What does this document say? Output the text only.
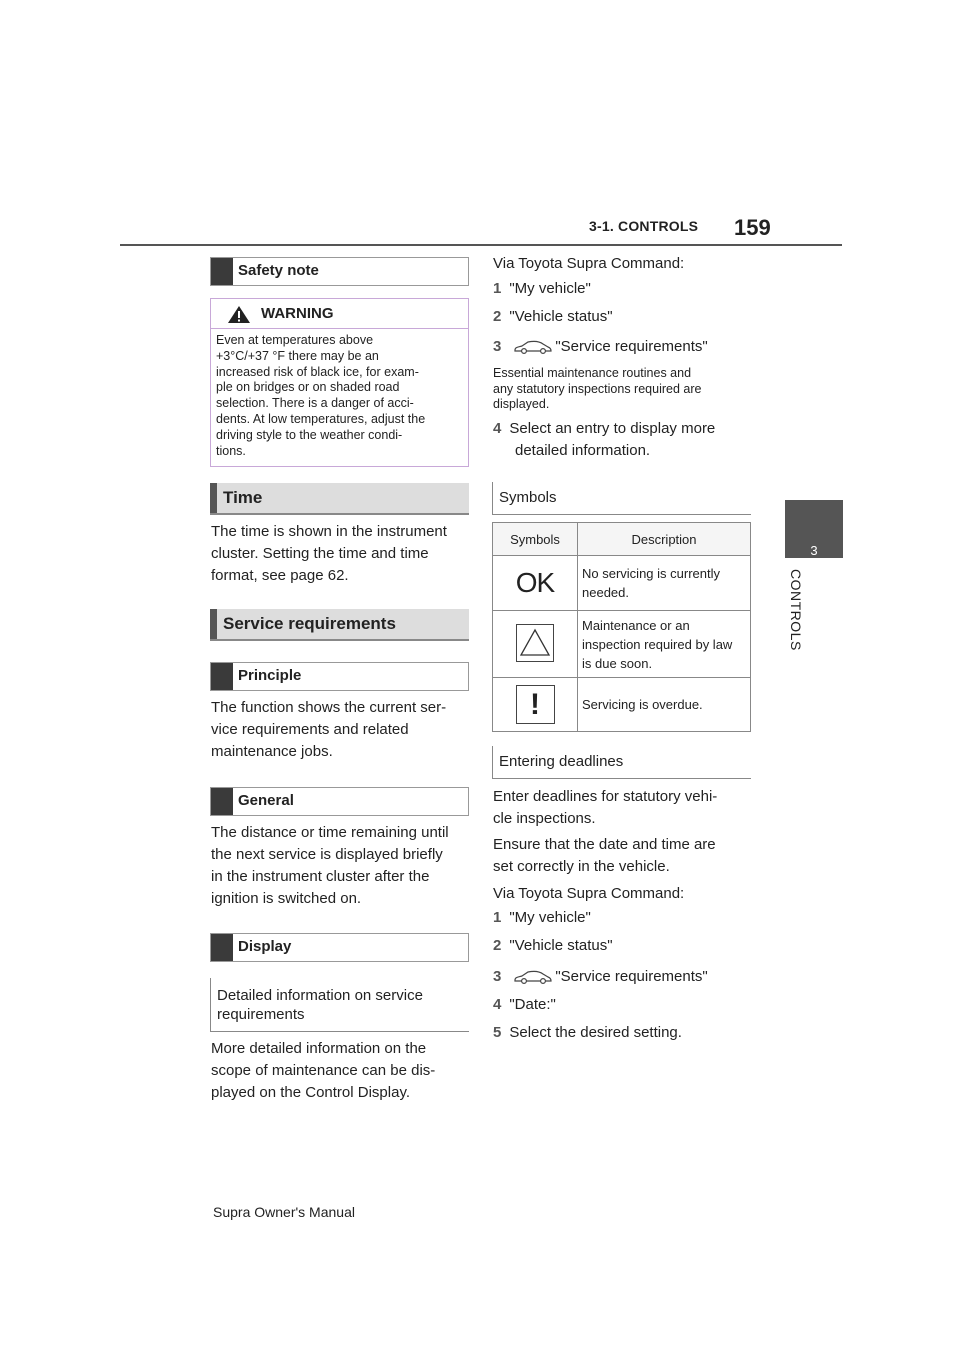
3-1. CONTROLS 159
3
CONTROLS
Safety note
WARNING
Even at temperatures above
+3°C/+37 °F there may be an
increased risk of black ice, for exam-
ple on bridges or on shaded road
selection. There is a danger of acci-
dents. At low temperatures, adjust the
driving style to the weather condi-
tions.
Time
The time is shown in the instrument
cluster. Setting the time and time
format, see page 62.
Service requirements
Principle
The function shows the current ser-
vice requirements and related
maintenance jobs.
General
The distance or time remaining until
the next service is displayed briefly
in the instrument cluster after the
ignition is switched on.
Display
Detailed information on service
requirements
More detailed information on the
scope of maintenance can be dis-
played on the Control Display.
Via Toyota Supra Command:
1 "My vehicle"
2 "Vehicle status"
3	"Service requirements"
Essential maintenance routines and
any statutory inspections required are
displayed.
4 Select an entry to display more
detailed information.
Symbols
Symbols	Description
OK	No servicing is currently
needed.

Maintenance or an
inspection required by law
is due soon.

!	Servicing is overdue.
Entering deadlines
Enter deadlines for statutory vehi-
cle inspections.
Ensure that the date and time are
set correctly in the vehicle.
Via Toyota Supra Command:
1 "My vehicle"
2 "Vehicle status"
3	"Service requirements"
4 "Date:"
5 Select the desired setting.
Supra Owner's Manual
